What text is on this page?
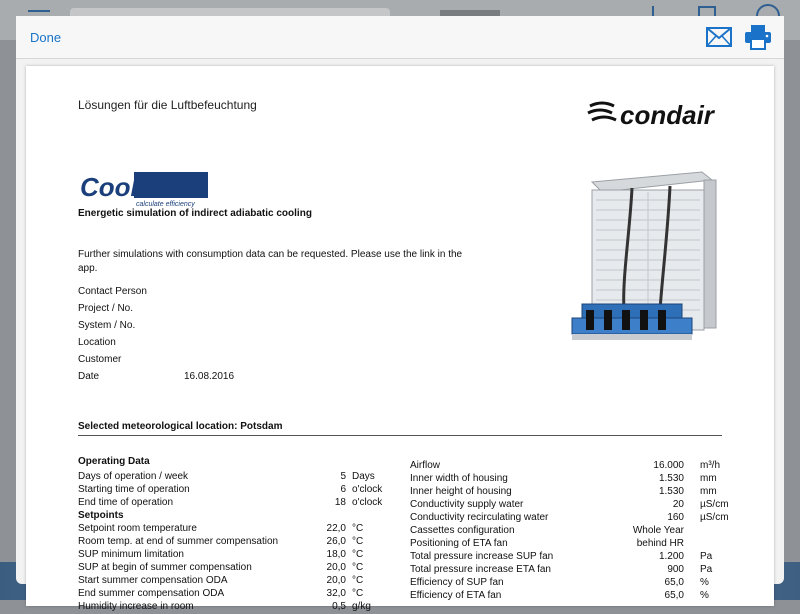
Done
Lösungen für die Luftbefeuchtung	condair
Coolblue
calculate efficiency
Energetic simulation of indirect adiabatic cooling
Further simulations with consumption data can be requested. Please use the link in the app.
Contact Person
Project / No.
System / No.
Location
Customer
Date	16.08.2016
Selected meteorological location: Potsdam
Operating Data
Days of operation / week	5 Days
Starting time of operation	6 o'clock
End time of operation	18 o'clock
Setpoints
Setpoint room temperature	22,0 °C
Room temp. at end of summer compensation	26,0 °C
SUP minimum limitation	18,0 °C
SUP at begin of summer compensation	20,0 °C
Start summer compensation ODA	20,0 °C
End summer compensation ODA	32,0 °C
Humidity increase in room	0,5 g/kg
Airflow	16.000 m³/h
Inner width of housing	1.530 mm
Inner height of housing	1.530 mm
Conductivity supply water	20 µS/cm
Conductivity recirculating water	160 µS/cm
Cassettes configuration	Whole Year
Positioning of ETA fan	behind HR
Total pressure increase SUP fan	1.200 Pa
Total pressure increase ETA fan	900 Pa
Efficiency of SUP fan	65,0 %
Efficiency of ETA fan	65,0 %
